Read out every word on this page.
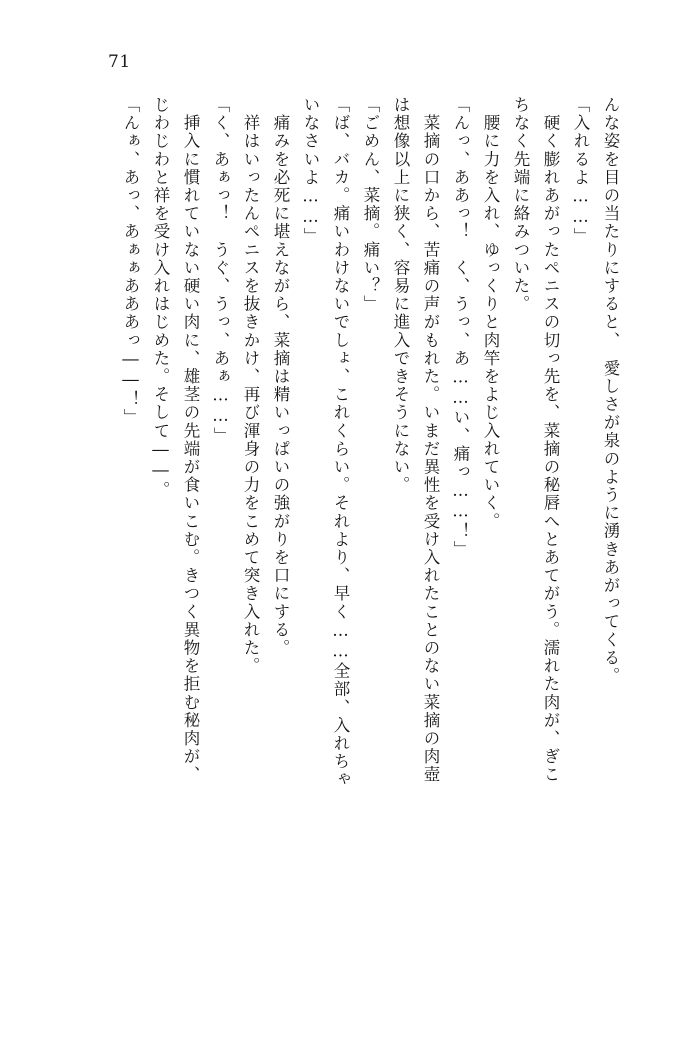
71
んな姿を目の当たりにすると、　愛しさが泉のように湧きあがってくる。
「入れるよ……」
　硬く膨れあがったペニスの切っ先を、菜摘の秘唇へとあてがう。濡れた肉が、ぎこ
ちなく先端に絡みついた。
　腰に力を入れ、ゆっくりと肉竿をよじ入れていく。
「んっ、ああっ！　く、うっ、あ……い、痛っ……！」
　菜摘の口から、苦痛の声がもれた。いまだ異性を受け入れたことのない菜摘の肉壺
は想像以上に狭く、容易に進入できそうにない。
「ごめん、菜摘。痛い？」
「ば、バカ。痛いわけないでしょ、これくらい。それより、早く……全部、入れちゃ
いなさいよ……」
　痛みを必死に堪えながら、菜摘は精いっぱいの強がりを口にする。
　祥はいったんペニスを抜きかけ、再び渾身の力をこめて突き入れた。
「く、あぁっ！　うぐ、うっ、あぁ……」
　挿入に慣れていない硬い肉に、雄茎の先端が食いこむ。きつく異物を拒む秘肉が、
じわじわと祥を受け入れはじめた。そして――。
「んぁ、あっ、あぁぁあああっ――！」
